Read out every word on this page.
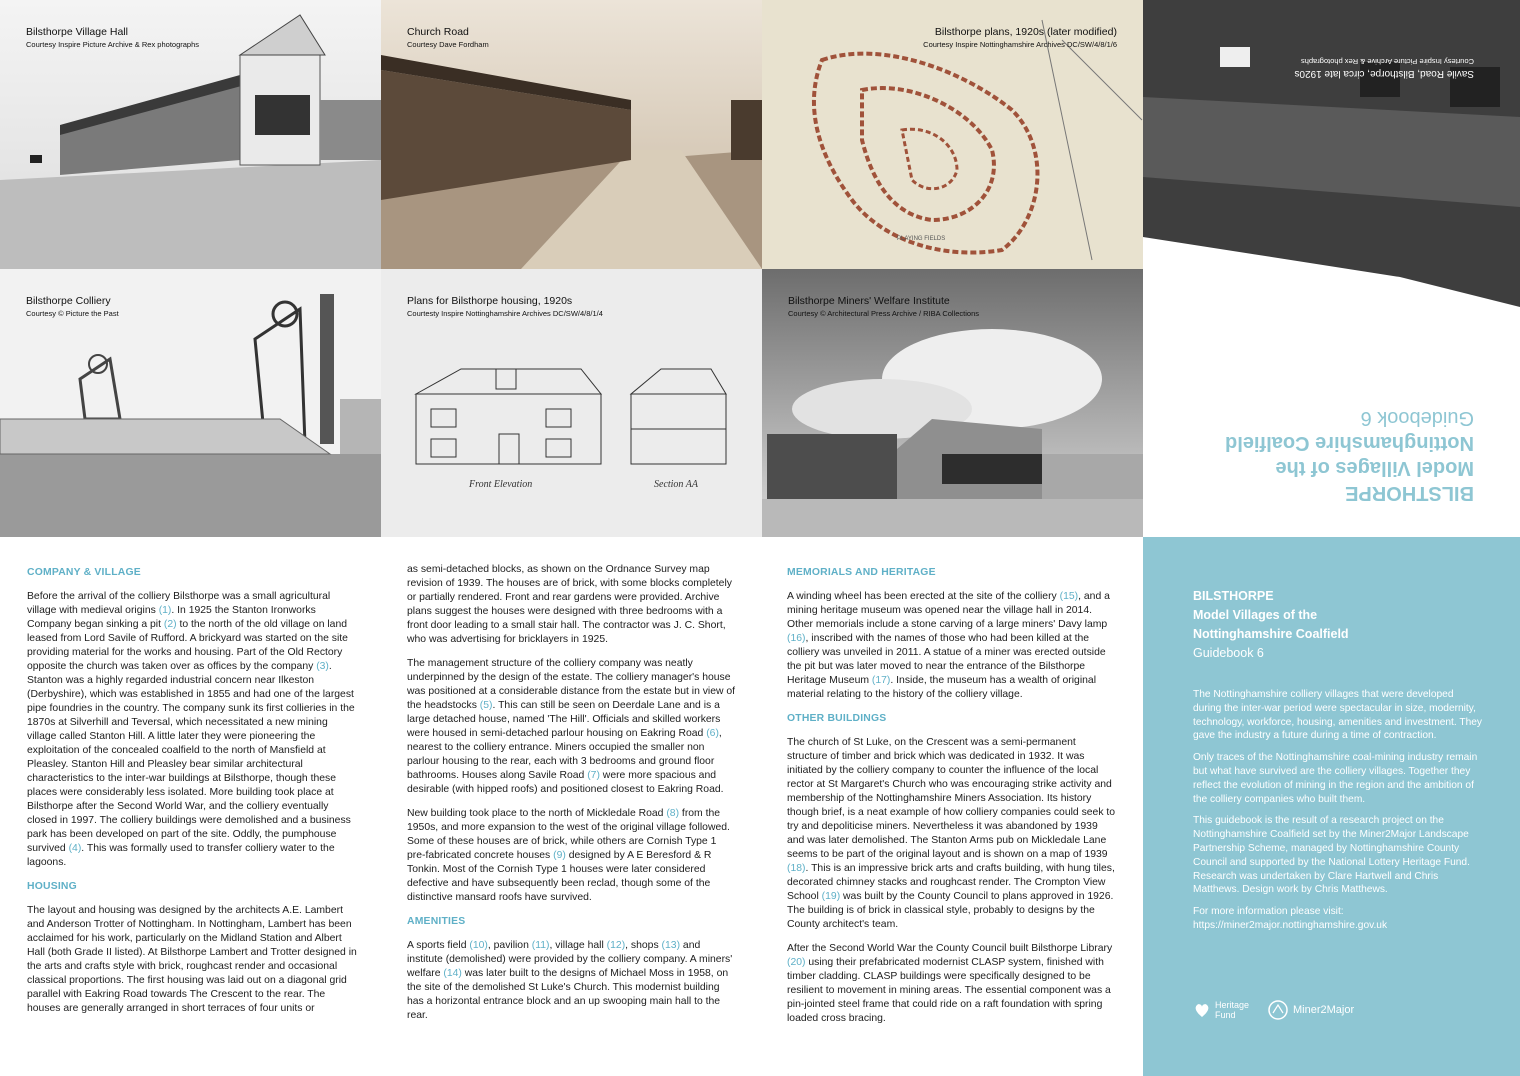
Bilsthorpe Village Hall
Courtesy Inspire Picture Archive & Rex photographs
Church Road
Courtesy Dave Fordham
PLAYING FIELDS
Bilsthorpe plans, 1920s (later modified)
Courtesy Inspire Nottinghamshire Archives DC/SW/4/8/1/6
Bilsthorpe Colliery
Courtesy © Picture the Past
Front Elevation	Section AA
Plans for Bilsthorpe housing, 1920s
Courtesty Inspire Nottinghamshire Archives DC/SW/4/8/1/4
Bilsthorpe Miners' Welfare Institute
Courtesy © Architectural Press Archive / RIBA Collections
BILSTHORPE
Model Villages of the
Nottinghamshire Coalfield
Guidebook 6
Savile Road, Bilsthorpe, circa late 1920s
Courtesy Inspire Picture Archive & Rex photographs
COMPANY & VILLAGE

Before the arrival of the colliery Bilsthorpe was a small agricultural village with medieval origins (1). In 1925 the Stanton Ironworks Company began sinking a pit (2) to the north of the old village on land leased from Lord Savile of Rufford. A brickyard was started on the site providing material for the works and housing. Part of the Old Rectory opposite the church was taken over as offices by the company (3). Stanton was a highly regarded industrial concern near Ilkeston (Derbyshire), which was established in 1855 and had one of the largest pipe foundries in the country. The company sunk its first collieries in the 1870s at Silverhill and Teversal, which necessitated a new mining village called Stanton Hill. A little later they were pioneering the exploitation of the concealed coalfield to the north of Mansfield at Pleasley. Stanton Hill and Pleasley bear similar architectural characteristics to the inter-war buildings at Bilsthorpe, though these places were considerably less isolated. More building took place at Bilsthorpe after the Second World War, and the colliery eventually closed in 1997. The colliery buildings were demolished and a business park has been developed on part of the site. Oddly, the pumphouse survived (4). This was formally used to transfer colliery water to the lagoons.

HOUSING

The layout and housing was designed by the architects A.E. Lambert and Anderson Trotter of Nottingham. In Nottingham, Lambert has been acclaimed for his work, particularly on the Midland Station and Albert Hall (both Grade II listed). At Bilsthorpe Lambert and Trotter designed in the arts and crafts style with brick, roughcast render and occasional classical proportions. The first housing was laid out on a diagonal grid parallel with Eakring Road towards The Crescent to the rear. The houses are generally arranged in short terraces of four units or

as semi-detached blocks, as shown on the Ordnance Survey map revision of 1939. The houses are of brick, with some blocks completely or partially rendered. Front and rear gardens were provided. Archive plans suggest the houses were designed with three bedrooms with a front door leading to a small stair hall. The contractor was J. C. Short, who was advertising for bricklayers in 1925.

The management structure of the colliery company was neatly underpinned by the design of the estate. The colliery manager's house was positioned at a considerable distance from the estate but in view of the headstocks (5). This can still be seen on Deerdale Lane and is a large detached house, named 'The Hill'. Officials and skilled workers were housed in semi-detached parlour housing on Eakring Road (6), nearest to the colliery entrance. Miners occupied the smaller non parlour housing to the rear, each with 3 bedrooms and ground floor bathrooms. Houses along Savile Road (7) were more spacious and desirable (with hipped roofs) and positioned closest to Eakring Road.

New building took place to the north of Mickledale Road (8) from the 1950s, and more expansion to the west of the original village followed. Some of these houses are of brick, while others are Cornish Type 1 pre-fabricated concrete houses (9) designed by A E Beresford & R Tonkin. Most of the Cornish Type 1 houses were later considered defective and have subsequently been reclad, though some of the distinctive mansard roofs have survived.

AMENITIES

A sports field (10), pavilion (11), village hall (12), shops (13) and institute (demolished) were provided by the colliery company. A miners' welfare (14) was later built to the designs of Michael Moss in 1958, on the site of the demolished St Luke's Church. This modernist building has a horizontal entrance block and an up swooping main hall to the rear.

MEMORIALS AND HERITAGE

A winding wheel has been erected at the site of the colliery (15), and a mining heritage museum was opened near the village hall in 2014. Other memorials include a stone carving of a large miners' Davy lamp (16), inscribed with the names of those who had been killed at the colliery was unveiled in 2011. A statue of a miner was erected outside the pit but was later moved to near the entrance of the Bilsthorpe Heritage Museum (17). Inside, the museum has a wealth of original material relating to the history of the colliery village.

OTHER BUILDINGS

The church of St Luke, on the Crescent was a semi-permanent structure of timber and brick which was dedicated in 1932. It was initiated by the colliery company to counter the influence of the local rector at St Margaret's Church who was encouraging strike activity and membership of the Nottinghamshire Miners Association. Its history though brief, is a neat example of how colliery companies could seek to try and depoliticise miners. Nevertheless it was abandoned by 1939 and was later demolished. The Stanton Arms pub on Mickledale Lane seems to be part of the original layout and is shown on a map of 1939 (18). This is an impressive brick arts and crafts building, with hung tiles, decorated chimney stacks and roughcast render. The Crompton View School (19) was built by the County Council to plans approved in 1926. The building is of brick in classical style, probably to designs by the County architect's team.

After the Second World War the County Council built Bilsthorpe Library (20) using their prefabricated modernist CLASP system, finished with timber cladding. CLASP buildings were specifically designed to be resilient to movement in mining areas. The essential component was a pin-jointed steel frame that could ride on a raft foundation with spring loaded cross bracing.

BILSTHORPE
Model Villages of the
Nottinghamshire Coalfield
Guidebook 6

The Nottinghamshire colliery villages that were developed during the inter-war period were spectacular in size, modernity, technology, workforce, housing, amenities and investment. They gave the industry a future during a time of contraction.

Only traces of the Nottinghamshire coal-mining industry remain but what have survived are the colliery villages. Together they reflect the evolution of mining in the region and the ambition of the colliery companies who built them.

This guidebook is the result of a research project on the Nottinghamshire Coalfield set by the Miner2Major Landscape Partnership Scheme, managed by Nottinghamshire County Council and supported by the National Lottery Heritage Fund. Research was undertaken by Clare Hartwell and Chris Matthews. Design work by Chris Matthews.

For more information please visit:
https://miner2major.nottinghamshire.gov.uk

Heritage Fund	Miner2Major
